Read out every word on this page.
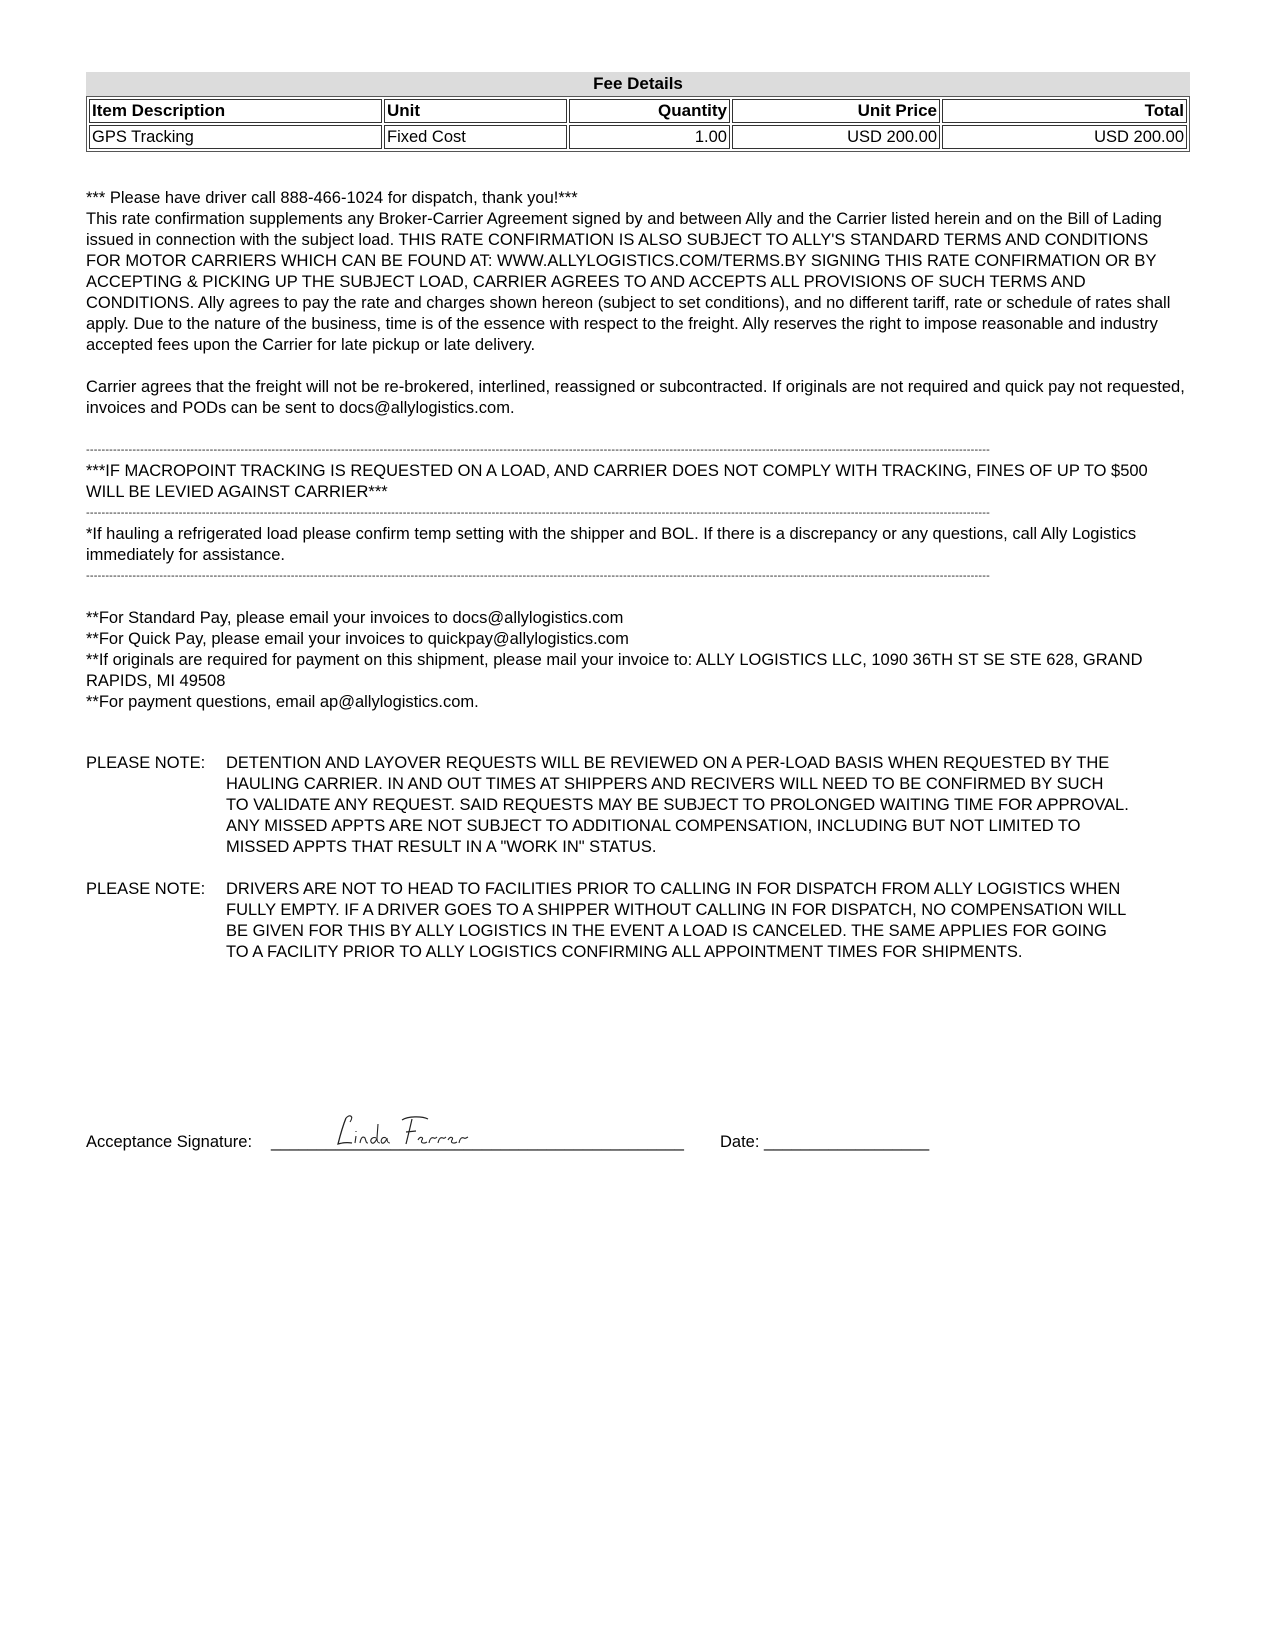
Fee Details
Item Description	Unit	Quantity	Unit Price	Total
GPS Tracking	Fixed Cost	1.00	USD 200.00	USD 200.00

*** Please have driver call 888-466-1024 for dispatch, thank you!***

This rate confirmation supplements any Broker-Carrier Agreement signed by and between Ally and the Carrier listed herein and on the Bill of Lading issued in connection with the subject load. THIS RATE CONFIRMATION IS ALSO SUBJECT TO ALLY'S STANDARD TERMS AND CONDITIONS FOR MOTOR CARRIERS WHICH CAN BE FOUND AT: WWW.ALLYLOGISTICS.COM/TERMS.BY SIGNING THIS RATE CONFIRMATION OR BY ACCEPTING & PICKING UP THE SUBJECT LOAD, CARRIER AGREES TO AND ACCEPTS ALL PROVISIONS OF SUCH TERMS AND CONDITIONS. Ally agrees to pay the rate and charges shown hereon (subject to set conditions), and no different tariff, rate or schedule of rates shall apply. Due to the nature of the business, time is of the essence with respect to the freight. Ally reserves the right to impose reasonable and industry accepted fees upon the Carrier for late pickup or late delivery.

Carrier agrees that the freight will not be re-brokered, interlined, reassigned or subcontracted. If originals are not required and quick pay not requested, invoices and PODs can be sent to docs@allylogistics.com.

------------------------------------------------------------------------------------------------------------------------------------------------------------------------------------------------------------------------------------------

***IF MACROPOINT TRACKING IS REQUESTED ON A LOAD, AND CARRIER DOES NOT COMPLY WITH TRACKING, FINES OF UP TO $500 WILL BE LEVIED AGAINST CARRIER***

------------------------------------------------------------------------------------------------------------------------------------------------------------------------------------------------------------------------------------------

*If hauling a refrigerated load please confirm temp setting with the shipper and BOL. If there is a discrepancy or any questions, call Ally Logistics immediately for assistance.

------------------------------------------------------------------------------------------------------------------------------------------------------------------------------------------------------------------------------------------

**For Standard Pay, please email your invoices to docs@allylogistics.com

**For Quick Pay, please email your invoices to quickpay@allylogistics.com

**If originals are required for payment on this shipment, please mail your invoice to: ALLY LOGISTICS LLC, 1090 36TH ST SE STE 628, GRAND RAPIDS, MI 49508

**For payment questions, email ap@allylogistics.com.

PLEASE NOTE:	DETENTION AND LAYOVER REQUESTS WILL BE REVIEWED ON A PER-LOAD BASIS WHEN REQUESTED BY THE HAULING CARRIER. IN AND OUT TIMES AT SHIPPERS AND RECIVERS WILL NEED TO BE CONFIRMED BY SUCH TO VALIDATE ANY REQUEST. SAID REQUESTS MAY BE SUBJECT TO PROLONGED WAITING TIME FOR APPROVAL. ANY MISSED APPTS ARE NOT SUBJECT TO ADDITIONAL COMPENSATION, INCLUDING BUT NOT LIMITED TO MISSED APPTS THAT RESULT IN A "WORK IN" STATUS.
PLEASE NOTE:	DRIVERS ARE NOT TO HEAD TO FACILITIES PRIOR TO CALLING IN FOR DISPATCH FROM ALLY LOGISTICS WHEN FULLY EMPTY. IF A DRIVER GOES TO A SHIPPER WITHOUT CALLING IN FOR DISPATCH, NO COMPENSATION WILL BE GIVEN FOR THIS BY ALLY LOGISTICS IN THE EVENT A LOAD IS CANCELED. THE SAME APPLIES FOR GOING TO A FACILITY PRIOR TO ALLY LOGISTICS CONFIRMING ALL APPOINTMENT TIMES FOR SHIPMENTS.
Acceptance Signature: _____________________________________________ Date: __________________
